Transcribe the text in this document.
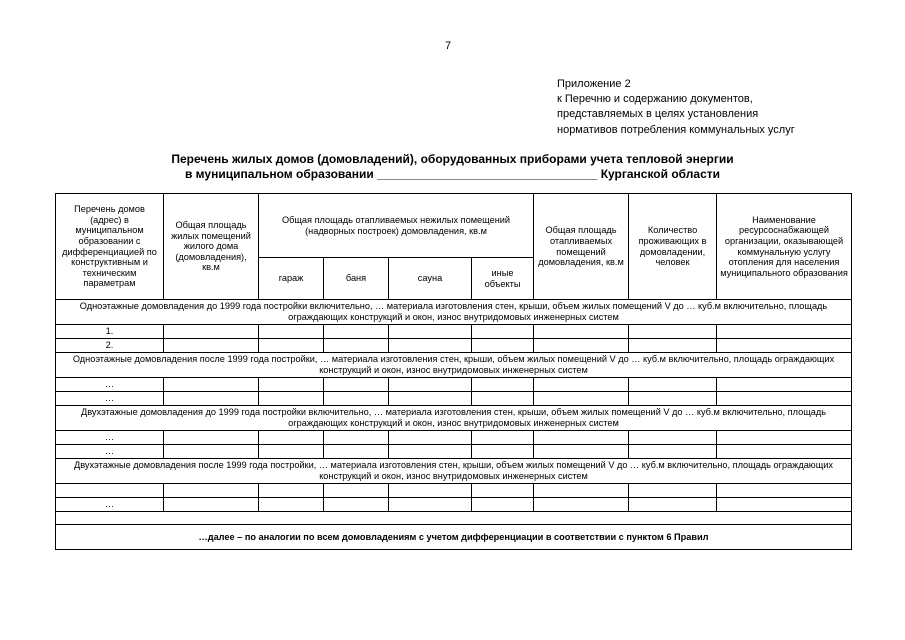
7
Приложение 2
к Перечню и содержанию документов,
представляемых в целях установления
нормативов потребления коммунальных услуг
Перечень жилых домов (домовладений), оборудованных приборами учета тепловой энергии
в муниципальном образовании _________________________________ Курганской области
Перечень домов (адрес) в муниципальном образовании с дифференциацией по конструктивным и техническим параметрам	Общая площадь жилых помещений жилого дома (домовладения), кв.м	Общая площадь отапливаемых нежилых помещений (надворных построек) домовладения, кв.м				Общая площадь отапливаемых помещений домовладения, кв.м	Количество проживающих в домовладении, человек	Наименование ресурсоснабжающей организации, оказывающей коммунальную услугу отопления для населения муниципального образования
		гараж	баня	сауна	иные объекты			
Одноэтажные домовладения до 1999 года постройки включительно, … материала изготовления стен, крыши, объем жилых помещений V до … куб.м включительно, площадь ограждающих конструкций и окон, износ внутридомовых инженерных систем								
1.								
2.								
Одноэтажные домовладения после 1999 года постройки, … материала изготовления стен, крыши, объем жилых помещений V до … куб.м включительно, площадь ограждающих конструкций и окон, износ внутридомовых инженерных систем								
…								
…								
Двухэтажные домовладения до 1999 года постройки включительно, … материала изготовления стен, крыши, объем жилых помещений V до … куб.м включительно, площадь ограждающих конструкций и окон, износ внутридомовых инженерных систем								
…								
…								
Двухэтажные домовладения после 1999 года постройки, … материала изготовления стен, крыши, объем жилых помещений V до … куб.м включительно, площадь ограждающих конструкций и окон, износ внутридомовых инженерных систем								

…								

…далее – по аналогии по всем домовладениям с учетом дифференциации в соответствии с пунктом 6 Правил								
